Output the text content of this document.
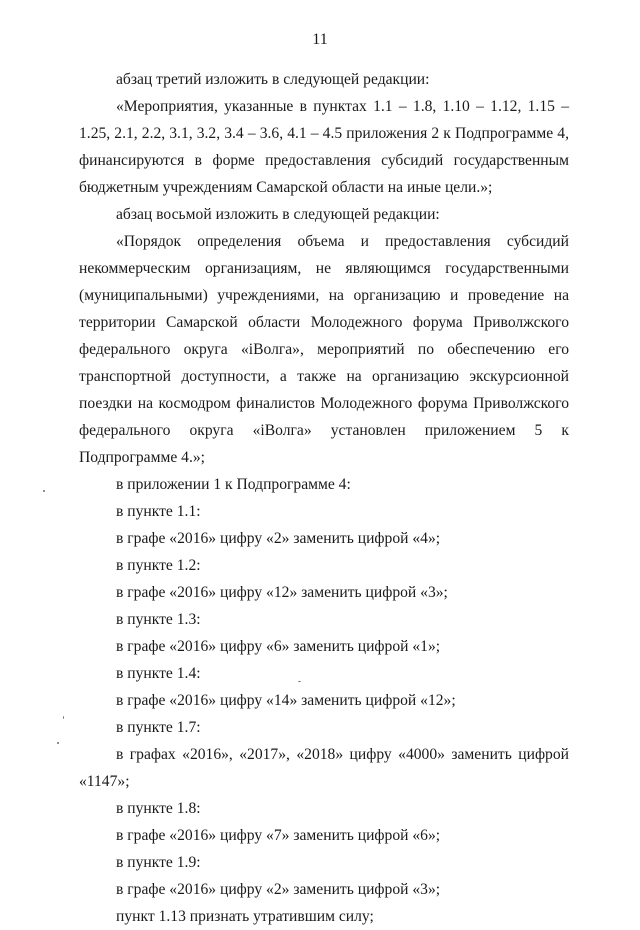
11

абзац третий изложить в следующей редакции:

«Мероприятия, указанные в пунктах 1.1 – 1.8, 1.10 – 1.12, 1.15 – 1.25, 2.1, 2.2, 3.1, 3.2, 3.4 – 3.6, 4.1 – 4.5 приложения 2 к Подпрограмме 4, финансируются в форме предоставления субсидий государственным бюджетным учреждениям Самарской области на иные цели.»;

абзац восьмой изложить в следующей редакции:

«Порядок определения объема и предоставления субсидий некоммерческим организациям, не являющимся государственными (муниципальными) учреждениями, на организацию и проведение на территории Самарской области Молодежного форума Приволжского федерального округа «iВолга», мероприятий по обеспечению его транспортной доступности, а также на организацию экскурсионной поездки на космодром финалистов Молодежного форума Приволжского федерального округа «iВолга» установлен приложением 5 к Подпрограмме 4.»;

в приложении 1 к Подпрограмме 4:

в пункте 1.1:

в графе «2016» цифру «2» заменить цифрой «4»;

в пункте 1.2:

в графе «2016» цифру «12» заменить цифрой «3»;

в пункте 1.3:

в графе «2016» цифру «6» заменить цифрой «1»;

в пункте 1.4:

в графе «2016» цифру «14» заменить цифрой «12»;

в пункте 1.7:

в графах «2016», «2017», «2018» цифру «4000» заменить цифрой «1147»;

в пункте 1.8:

в графе «2016» цифру «7» заменить цифрой «6»;

в пункте 1.9:

в графе «2016» цифру «2» заменить цифрой «3»;

пункт 1.13 признать утратившим силу;
